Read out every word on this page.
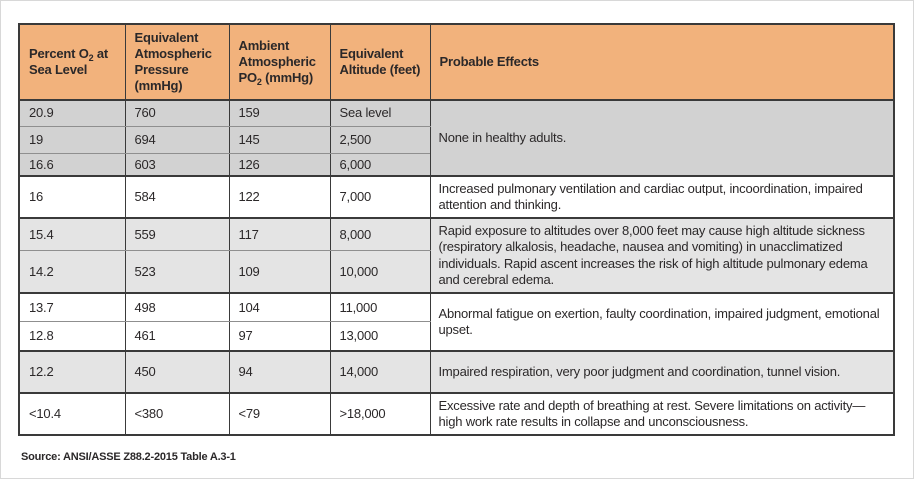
Percent $O_2$ at Sea Level	Equivalent Atmospheric Pressure (mmHg)	Ambient Atmospheric $PO_2$ (mmHg)	Equivalent Altitude (feet)	Probable Effects
20.9	760	159	Sea level	None in healthy adults.
19	694	145	2,500	
16.6	603	126	6,000	
16	584	122	7,000	Increased pulmonary ventilation and cardiac output, incoordination, impaired attention and thinking.
15.4	559	117	8,000	Rapid exposure to altitudes over 8,000 feet may cause high altitude sickness (respiratory alkalosis, headache, nausea and vomiting) in unacclimatized individuals. Rapid ascent increases the risk of high altitude pulmonary edema and cerebral edema.
14.2	523	109	10,000	
13.7	498	104	11,000	Abnormal fatigue on exertion, faulty coordination, impaired judgment, emotional upset.
12.8	461	97	13,000	
12.2	450	94	14,000	Impaired respiration, very poor judgment and coordination, tunnel vision.
<10.4	<380	<79	>18,000	Excessive rate and depth of breathing at rest. Severe limitations on activity—high work rate results in collapse and unconsciousness.
Source: ANSI/ASSE Z88.2-2015 Table A.3-1
